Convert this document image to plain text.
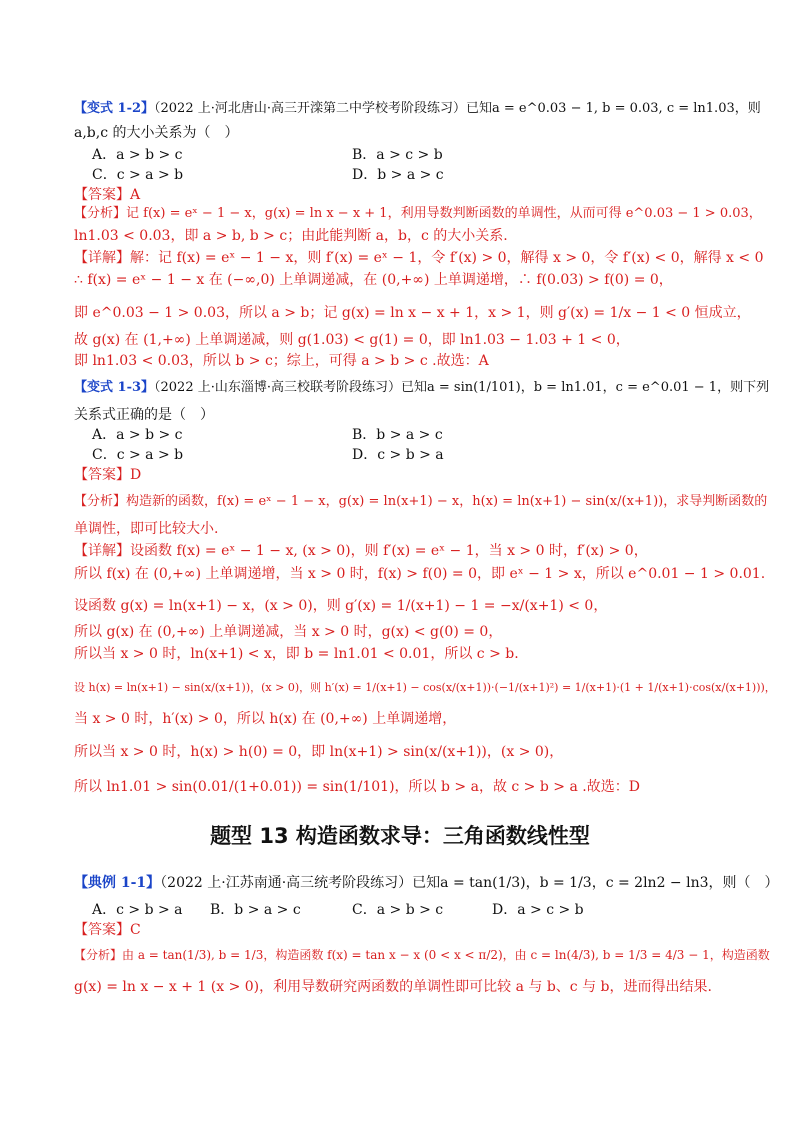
【变式 1-2】（2022 上·河北唐山·高三开滦第二中学校考阶段练习）已知a = e^0.03 − 1, b = 0.03, c = ln1.03，则
a,b,c 的大小关系为（　）
A．a > b > c	B．a > c > b
C．c > a > b	D．b > a > c
【答案】A
【分析】记 f(x) = eˣ − 1 − x，g(x) = ln x − x + 1，利用导数判断函数的单调性，从而可得 e^0.03 − 1 > 0.03，
ln1.03 < 0.03，即 a > b, b > c；由此能判断 a，b，c 的大小关系.
【详解】解：记 f(x) = eˣ − 1 − x，则 f′(x) = eˣ − 1，令 f′(x) > 0，解得 x > 0，令 f′(x) < 0，解得 x < 0
∴ f(x) = eˣ − 1 − x 在 (−∞,0) 上单调递减，在 (0,+∞) 上单调递增，∴ f(0.03) > f(0) = 0，
即 e^0.03 − 1 > 0.03，所以 a > b；记 g(x) = ln x − x + 1，x > 1，则 g′(x) = 1/x − 1 < 0 恒成立，
故 g(x) 在 (1,+∞) 上单调递减，则 g(1.03) < g(1) = 0，即 ln1.03 − 1.03 + 1 < 0，
即 ln1.03 < 0.03，所以 b > c；综上，可得 a > b > c .故选：A
【变式 1-3】（2022 上·山东淄博·高三校联考阶段练习）已知a = sin(1/101)，b = ln1.01，c = e^0.01 − 1，则下列
关系式正确的是（　）
A．a > b > c	B．b > a > c
C．c > a > b	D．c > b > a
【答案】D
【分析】构造新的函数，f(x) = eˣ − 1 − x，g(x) = ln(x+1) − x，h(x) = ln(x+1) − sin(x/(x+1))，求导判断函数的
单调性，即可比较大小.
【详解】设函数 f(x) = eˣ − 1 − x, (x > 0)，则 f′(x) = eˣ − 1，当 x > 0 时，f′(x) > 0，
所以 f(x) 在 (0,+∞) 上单调递增，当 x > 0 时，f(x) > f(0) = 0，即 eˣ − 1 > x，所以 e^0.01 − 1 > 0.01.
设函数 g(x) = ln(x+1) − x，(x > 0)，则 g′(x) = 1/(x+1) − 1 = −x/(x+1) < 0，
所以 g(x) 在 (0,+∞) 上单调递减，当 x > 0 时，g(x) < g(0) = 0，
所以当 x > 0 时，ln(x+1) < x，即 b = ln1.01 < 0.01，所以 c > b.
设 h(x) = ln(x+1) − sin(x/(x+1))，(x > 0)，则 h′(x) = 1/(x+1) − cos(x/(x+1))·(−1/(x+1)²) = 1/(x+1)·(1 + 1/(x+1)·cos(x/(x+1)))，
当 x > 0 时，h′(x) > 0，所以 h(x) 在 (0,+∞) 上单调递增，
所以当 x > 0 时，h(x) > h(0) = 0，即 ln(x+1) > sin(x/(x+1))，(x > 0)，
所以 ln1.01 > sin(0.01/(1+0.01)) = sin(1/101)，所以 b > a，故 c > b > a .故选：D
题型 13 构造函数求导：三角函数线性型
【典例 1-1】（2022 上·江苏南通·高三统考阶段练习）已知a = tan(1/3)，b = 1/3，c = 2ln2 − ln3，则（　）
A．c > b > a B．b > a > c	C．a > b > c	D．a > c > b
【答案】C
【分析】由 a = tan(1/3), b = 1/3，构造函数 f(x) = tan x − x (0 < x < π/2)，由 c = ln(4/3), b = 1/3 = 4/3 − 1，构造函数
g(x) = ln x − x + 1 (x > 0)，利用导数研究两函数的单调性即可比较 a 与 b、c 与 b，进而得出结果.
